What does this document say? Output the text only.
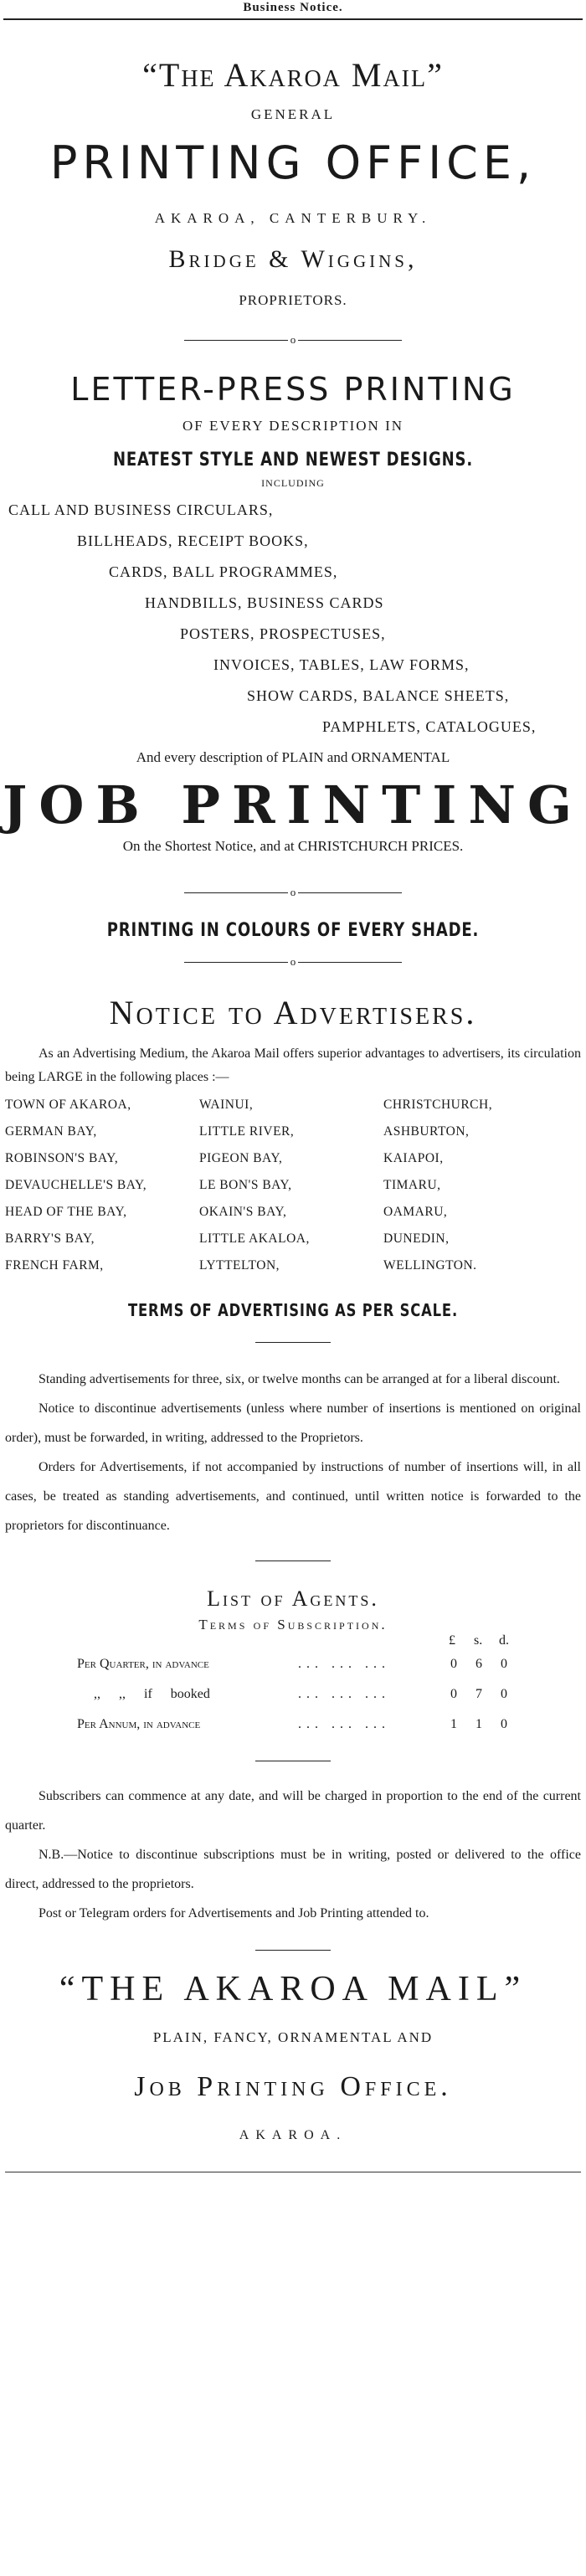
Business Notice.
“The Akaroa Mail”
GENERAL
PRINTING OFFICE,
AKAROA, CANTERBURY.
Bridge & Wiggins,
PROPRIETORS.
o
LETTER-PRESS PRINTING
OF EVERY DESCRIPTION IN
NEATEST STYLE AND NEWEST DESIGNS.
INCLUDING
CALL AND BUSINESS CIRCULARS,
BILLHEADS, RECEIPT BOOKS,
CARDS, BALL PROGRAMMES,
HANDBILLS, BUSINESS CARDS
POSTERS, PROSPECTUSES,
INVOICES, TABLES, LAW FORMS,
SHOW CARDS, BALANCE SHEETS,
PAMPHLETS, CATALOGUES,
And every description of PLAIN and ORNAMENTAL
JOB PRINTING
On the Shortest Notice, and at CHRISTCHURCH PRICES.
o
PRINTING IN COLOURS OF EVERY SHADE.
o
Notice to Advertisers.
As an Advertising Medium, the Akaroa Mail offers superior advantages to advertisers, its circulation being LARGE in the following places :—
TOWN OF AKAROA,	WAINUI,	CHRISTCHURCH,
GERMAN BAY,	LITTLE RIVER,	ASHBURTON,
ROBINSON'S BAY,	PIGEON BAY,	KAIAPOI,
DEVAUCHELLE'S BAY,	LE BON'S BAY,	TIMARU,
HEAD OF THE BAY,	OKAIN'S BAY,	OAMARU,
BARRY'S BAY,	LITTLE AKALOA,	DUNEDIN,
FRENCH FARM,	LYTTELTON,	WELLINGTON.
TERMS OF ADVERTISING AS PER SCALE.
Standing advertisements for three, six, or twelve months can be arranged at for a liberal discount.
Notice to discontinue advertisements (unless where number of insertions is mentioned on original order), must be forwarded, in writing, addressed to the Proprietors.
Orders for Advertisements, if not accompanied by instructions of number of insertions will, in all cases, be treated as standing advertisements, and continued, until written notice is forwarded to the proprietors for discontinuance.
List of Agents.
Terms of Subscription.
£ s. d.
Per Quarter, in advance	... ... ...	0 6 0
,, ,, if booked	... ... ...	0 7 0
Per Annum, in advance	... ... ...	1 1 0
Subscribers can commence at any date, and will be charged in proportion to the end of the current quarter.
N.B.—Notice to discontinue subscriptions must be in writing, posted or delivered to the office direct, addressed to the proprietors.
Post or Telegram orders for Advertisements and Job Printing attended to.
“THE AKAROA MAIL”
PLAIN, FANCY, ORNAMENTAL AND
Job Printing Office.
AKAROA.
